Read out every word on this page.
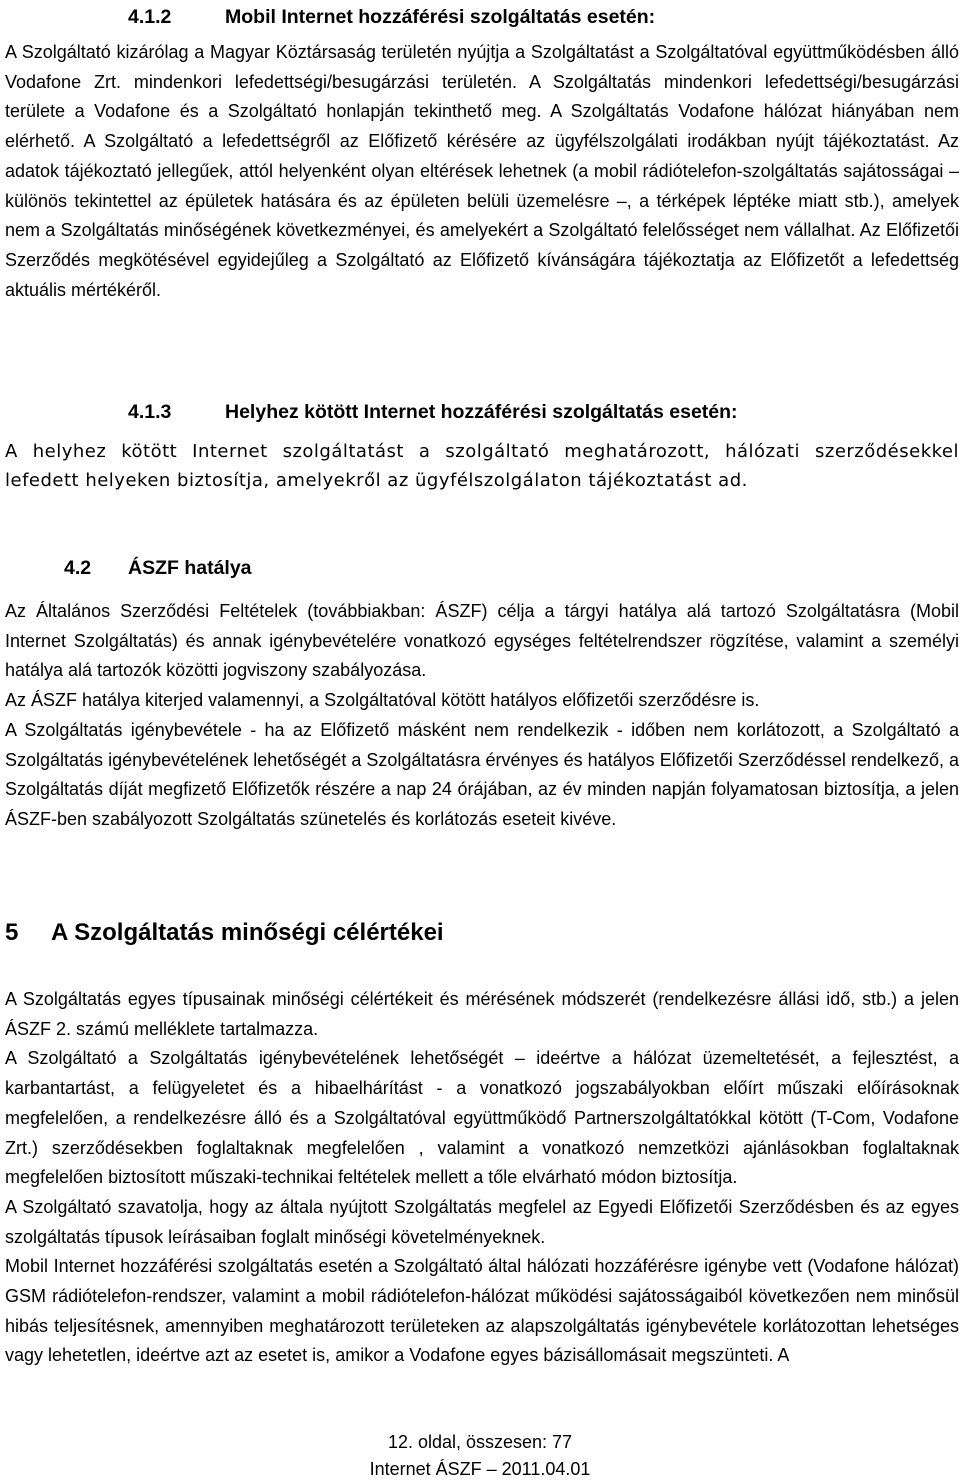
4.1.2	Mobil Internet hozzáférési szolgáltatás esetén:

A Szolgáltató kizárólag a Magyar Köztársaság területén nyújtja a Szolgáltatást a Szolgáltatóval együttműködésben álló Vodafone Zrt. mindenkori lefedettségi/besugárzási területén. A Szolgáltatás mindenkori lefedettségi/besugárzási területe a Vodafone és a Szolgáltató honlapján tekinthető meg. A Szolgáltatás Vodafone hálózat hiányában nem elérhető. A Szolgáltató a lefedettségről az Előfizető kérésére az ügyfélszolgálati irodákban nyújt tájékoztatást. Az adatok tájékoztató jellegűek, attól helyenként olyan eltérések lehetnek (a mobil rádiótelefon-szolgáltatás sajátosságai – különös tekintettel az épületek hatására és az épületen belüli üzemelésre –, a térképek léptéke miatt stb.), amelyek nem a Szolgáltatás minőségének következményei, és amelyekért a Szolgáltató felelősséget nem vállalhat. Az Előfizetői Szerződés megkötésével egyidejűleg a Szolgáltató az Előfizető kívánságára tájékoztatja az Előfizetőt a lefedettség aktuális mértékéről.

4.1.3	Helyhez kötött Internet hozzáférési szolgáltatás esetén:

A helyhez kötött Internet szolgáltatást a szolgáltató meghatározott, hálózati szerződésekkel lefedett helyeken biztosítja, amelyekről az ügyfélszolgálaton tájékoztatást ad.

4.2 ÁSZF hatálya

Az Általános Szerződési Feltételek (továbbiakban: ÁSZF) célja a tárgyi hatálya alá tartozó Szolgáltatásra (Mobil Internet Szolgáltatás) és annak igénybevételére vonatkozó egységes feltételrendszer rögzítése, valamint a személyi hatálya alá tartozók közötti jogviszony szabályozása.

Az ÁSZF hatálya kiterjed valamennyi, a Szolgáltatóval kötött hatályos előfizetői szerződésre is.

A Szolgáltatás igénybevétele - ha az Előfizető másként nem rendelkezik - időben nem korlátozott, a Szolgáltató a Szolgáltatás igénybevételének lehetőségét a Szolgáltatásra érvényes és hatályos Előfizetői Szerződéssel rendelkező, a Szolgáltatás díját megfizető Előfizetők részére a nap 24 órájában, az év minden napján folyamatosan biztosítja, a jelen ÁSZF-ben szabályozott Szolgáltatás szünetelés és korlátozás eseteit kivéve.

5 A Szolgáltatás minőségi célértékei

A Szolgáltatás egyes típusainak minőségi célértékeit és mérésének módszerét (rendelkezésre állási idő, stb.) a jelen ÁSZF 2. számú melléklete tartalmazza.

A Szolgáltató a Szolgáltatás igénybevételének lehetőségét – ideértve a hálózat üzemeltetését, a fejlesztést, a karbantartást, a felügyeletet és a hibaelhárítást - a vonatkozó jogszabályokban előírt műszaki előírásoknak megfelelően, a rendelkezésre álló és a Szolgáltatóval együttműködő Partnerszolgáltatókkal kötött (T-Com, Vodafone Zrt.) szerződésekben foglaltaknak megfelelően , valamint a vonatkozó nemzetközi ajánlásokban foglaltaknak megfelelően biztosított műszaki-technikai feltételek mellett a tőle elvárható módon biztosítja.

A Szolgáltató szavatolja, hogy az általa nyújtott Szolgáltatás megfelel az Egyedi Előfizetői Szerződésben és az egyes szolgáltatás típusok leírásaiban foglalt minőségi követelményeknek.

Mobil Internet hozzáférési szolgáltatás esetén a Szolgáltató által hálózati hozzáférésre igénybe vett (Vodafone hálózat) GSM rádiótelefon-rendszer, valamint a mobil rádiótelefon-hálózat működési sajátosságaiból következően nem minősül hibás teljesítésnek, amennyiben meghatározott területeken az alapszolgáltatás igénybevétele korlátozottan lehetséges vagy lehetetlen, ideértve azt az esetet is, amikor a Vodafone egyes bázisállomásait megszünteti. A

12. oldal, összesen: 77
Internet ÁSZF – 2011.04.01
